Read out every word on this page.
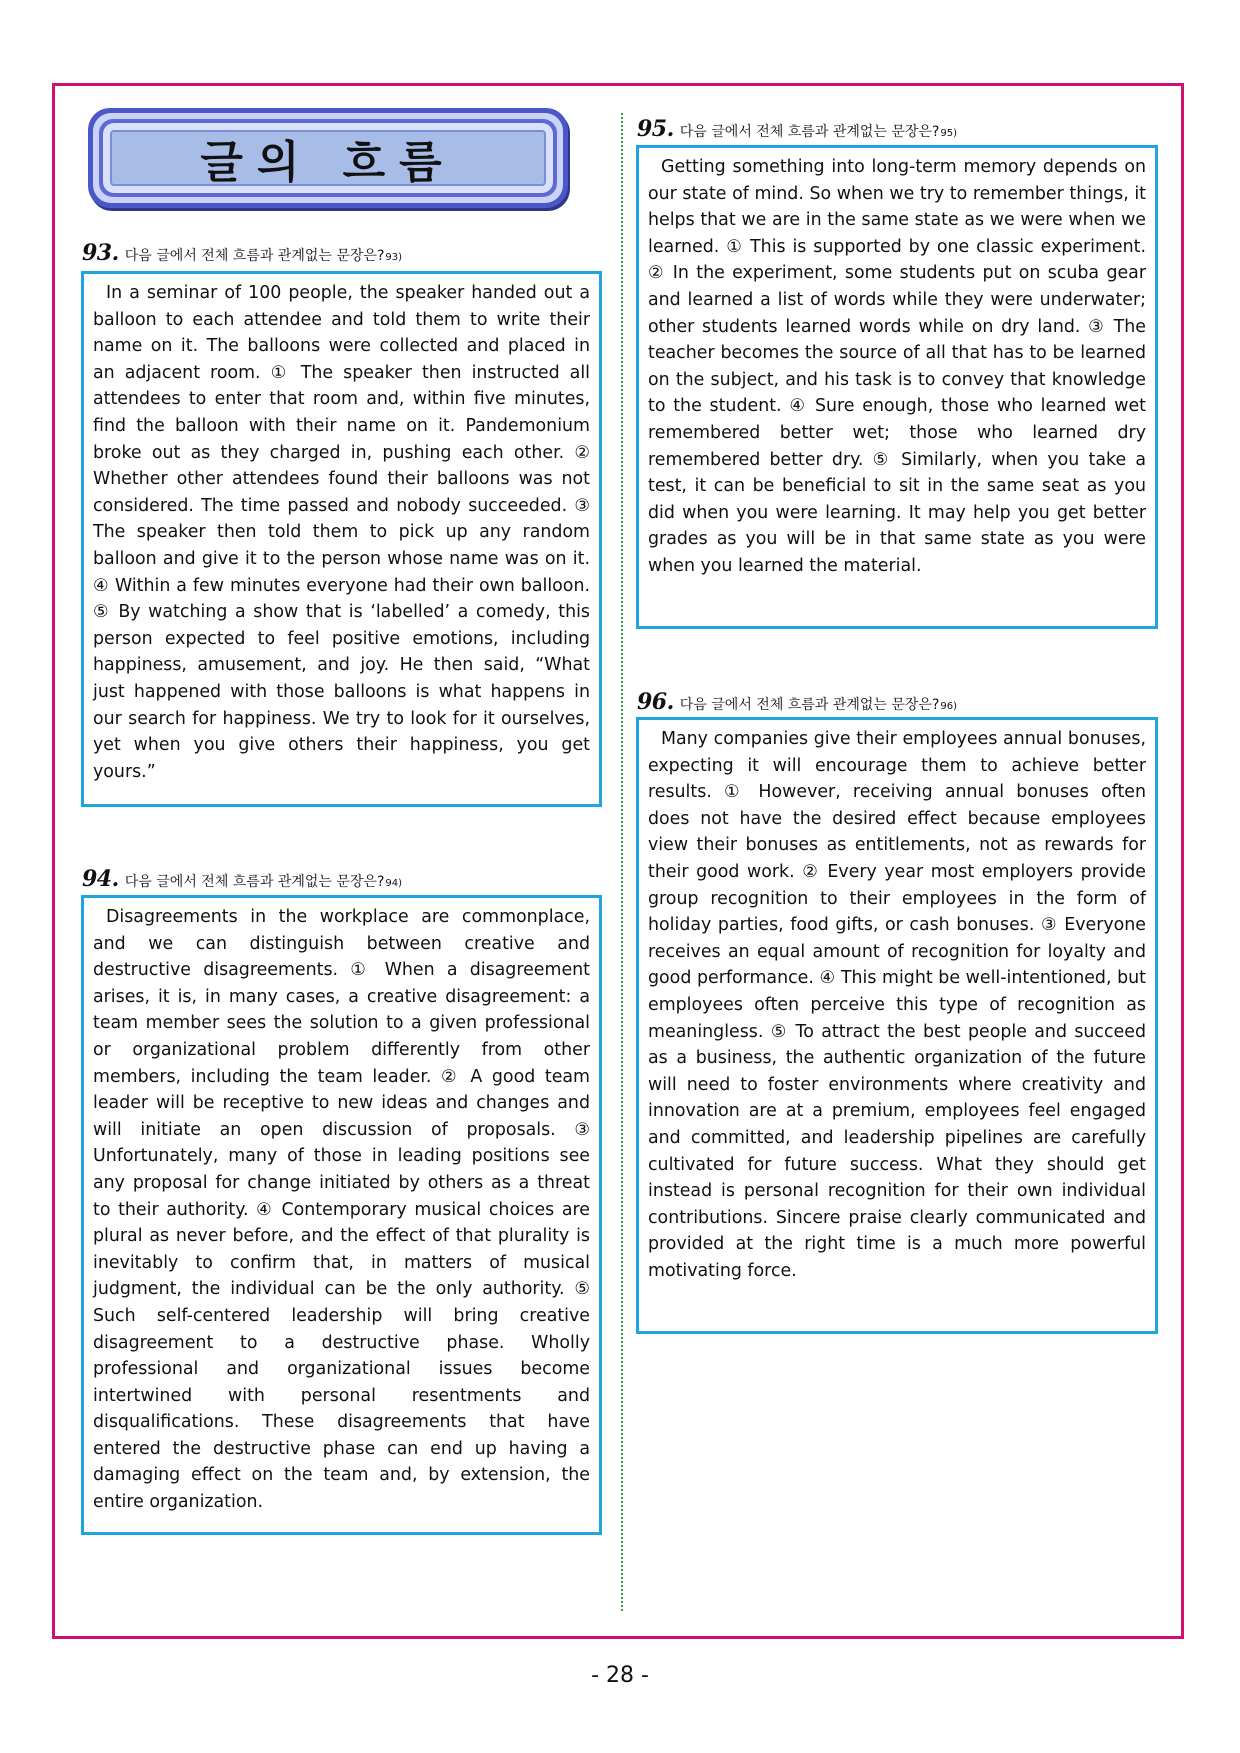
글의 흐름
93. 다음 글에서 전체 흐름과 관계없는 문장은? 93)
In a seminar of 100 people, the speaker handed out a balloon to each attendee and told them to write their name on it. The balloons were collected and placed in an adjacent room. ① The speaker then instructed all attendees to enter that room and, within five minutes, find the balloon with their name on it. Pandemonium broke out as they charged in, pushing each other. ② Whether other attendees found their balloons was not considered. The time passed and nobody succeeded. ③ The speaker then told them to pick up any random balloon and give it to the person whose name was on it. ④ Within a few minutes everyone had their own balloon. ⑤ By watching a show that is ‘labelled’ a comedy, this person expected to feel positive emotions, including happiness, amusement, and joy. He then said, “What just happened with those balloons is what happens in our search for happiness. We try to look for it ourselves, yet when you give others their happiness, you get yours.”
94. 다음 글에서 전체 흐름과 관계없는 문장은? 94)
Disagreements in the workplace are commonplace, and we can distinguish between creative and destructive disagreements. ① When a disagreement arises, it is, in many cases, a creative disagreement: a team member sees the solution to a given professional or organizational problem differently from other members, including the team leader. ② A good team leader will be receptive to new ideas and changes and will initiate an open discussion of proposals. ③ Unfortunately, many of those in leading positions see any proposal for change initiated by others as a threat to their authority. ④ Contemporary musical choices are plural as never before, and the effect of that plurality is inevitably to confirm that, in matters of musical judgment, the individual can be the only authority. ⑤ Such self-centered leadership will bring creative disagreement to a destructive phase. Wholly professional and organizational issues become intertwined with personal resentments and disqualifications. These disagreements that have entered the destructive phase can end up having a damaging effect on the team and, by extension, the entire organization.
95. 다음 글에서 전체 흐름과 관계없는 문장은? 95)
Getting something into long-term memory depends on our state of mind. So when we try to remember things, it helps that we are in the same state as we were when we learned. ① This is supported by one classic experiment. ② In the experiment, some students put on scuba gear and learned a list of words while they were underwater; other students learned words while on dry land. ③ The teacher becomes the source of all that has to be learned on the subject, and his task is to convey that knowledge to the student. ④ Sure enough, those who learned wet remembered better wet; those who learned dry remembered better dry. ⑤ Similarly, when you take a test, it can be beneficial to sit in the same seat as you did when you were learning. It may help you get better grades as you will be in that same state as you were when you learned the material.
96. 다음 글에서 전체 흐름과 관계없는 문장은? 96)
Many companies give their employees annual bonuses, expecting it will encourage them to achieve better results. ① However, receiving annual bonuses often does not have the desired effect because employees view their bonuses as entitlements, not as rewards for their good work. ② Every year most employers provide group recognition to their employees in the form of holiday parties, food gifts, or cash bonuses. ③ Everyone receives an equal amount of recognition for loyalty and good performance. ④ This might be well-intentioned, but employees often perceive this type of recognition as meaningless. ⑤ To attract the best people and succeed as a business, the authentic organization of the future will need to foster environments where creativity and innovation are at a premium, employees feel engaged and committed, and leadership pipelines are carefully cultivated for future success. What they should get instead is personal recognition for their own individual contributions. Sincere praise clearly communicated and provided at the right time is a much more powerful motivating force.
- 28 -
